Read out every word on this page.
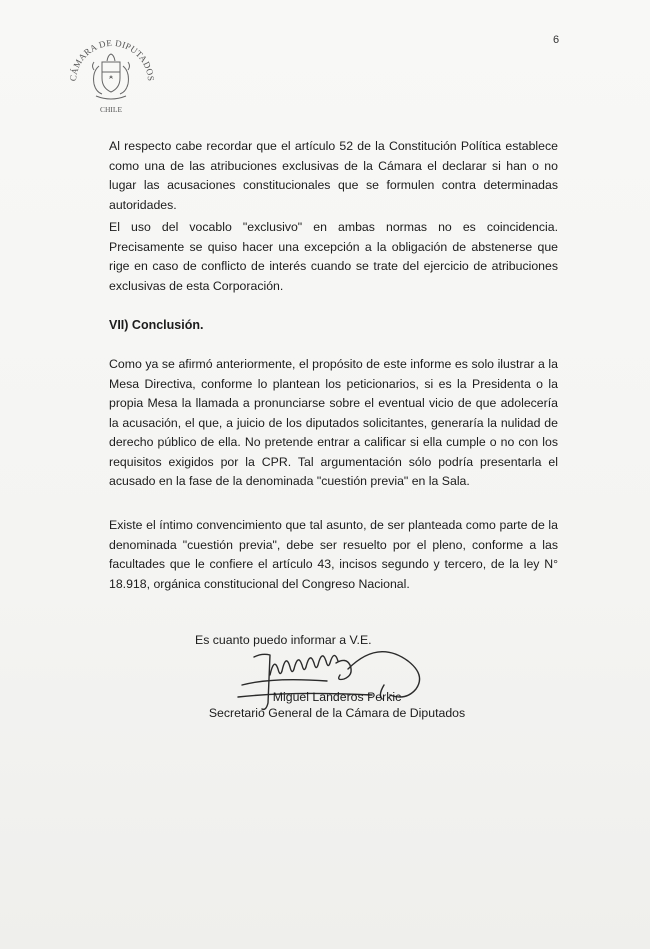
6
CÁMARA DE DIPUTADOS
CHILE

Al respecto cabe recordar que el artículo 52 de la Constitución Política establece como una de las atribuciones exclusivas de la Cámara el declarar si han o no lugar las acusaciones constitucionales que se formulen contra determinadas autoridades.

El uso del vocablo "exclusivo" en ambas normas no es coincidencia. Precisamente se quiso hacer una excepción a la obligación de abstenerse que rige en caso de conflicto de interés cuando se trate del ejercicio de atribuciones exclusivas de esta Corporación.

VII) Conclusión.

Como ya se afirmó anteriormente, el propósito de este informe es solo ilustrar a la Mesa Directiva, conforme lo plantean los peticionarios, si es la Presidenta o la propia Mesa la llamada a pronunciarse sobre el eventual vicio de que adolecería la acusación, el que, a juicio de los diputados solicitantes, generaría la nulidad de derecho público de ella. No pretende entrar a calificar si ella cumple o no con los requisitos exigidos por la CPR. Tal argumentación sólo podría presentarla el acusado en la fase de la denominada "cuestión previa" en la Sala.

Existe el íntimo convencimiento que tal asunto, de ser planteada como parte de la denominada "cuestión previa", debe ser resuelto por el pleno, conforme a las facultades que le confiere el artículo 43, incisos segundo y tercero, de la ley N° 18.918, orgánica constitucional del Congreso Nacional.

Es cuanto puedo informar a V.E.

Miguel Landeros Perkic
Secretario General de la Cámara de Diputados
